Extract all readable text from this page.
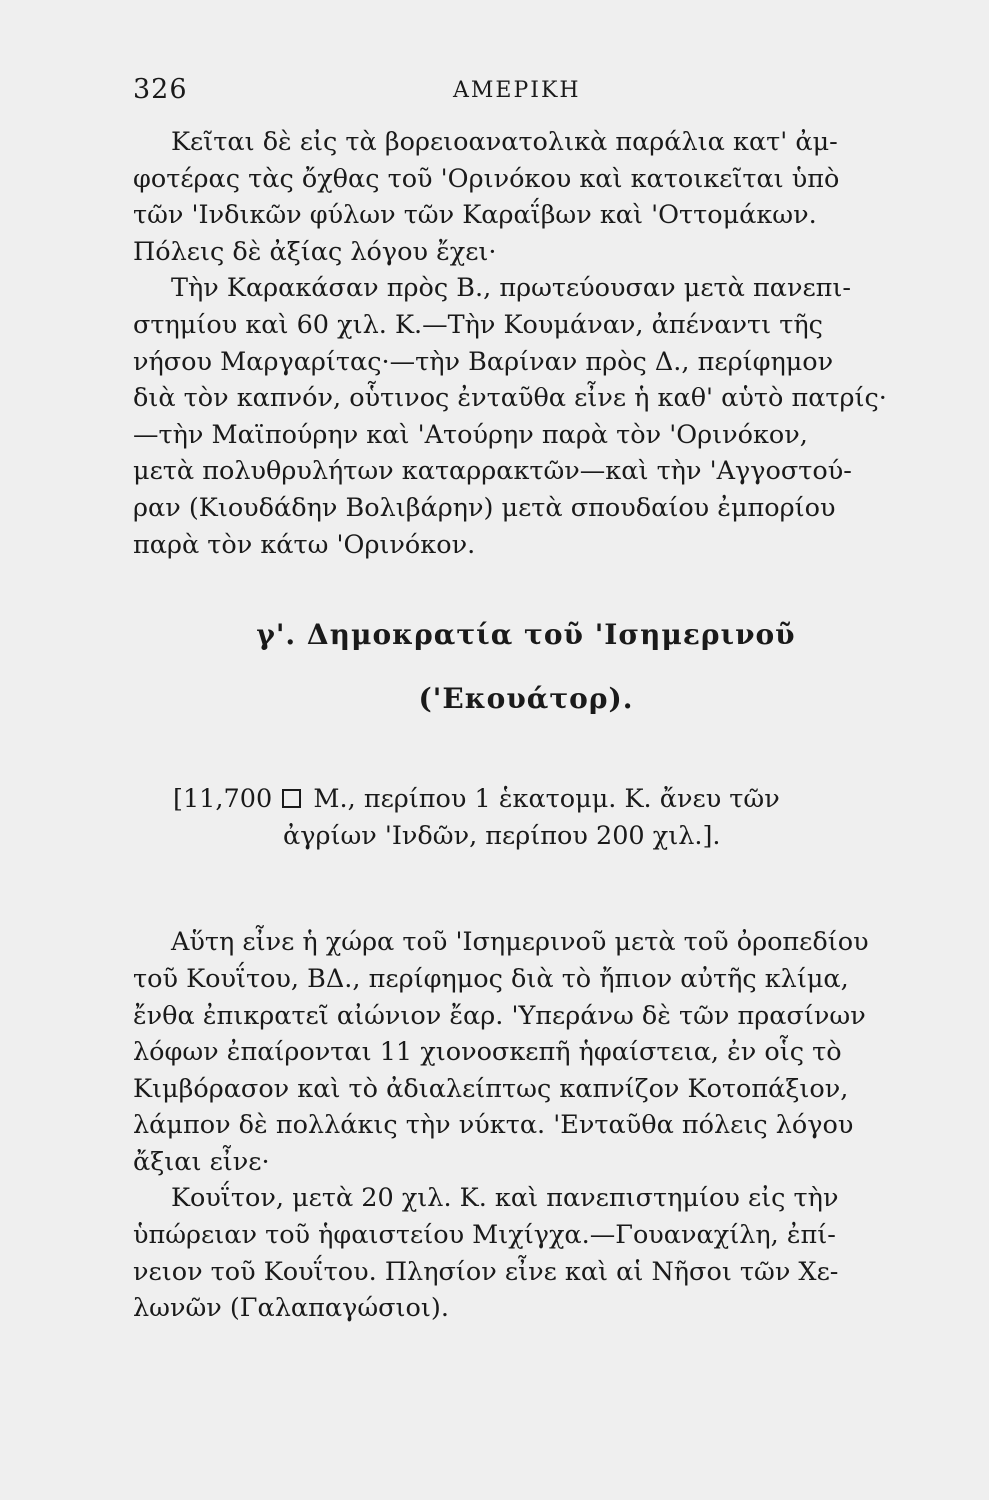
326	ΑΜΕΡΙΚΗ

Κεῖται δὲ εἰς τὰ βορειοανατολικὰ παράλια κατ' ἀμ-
φοτέρας τὰς ὄχθας τοῦ 'Ορινόκου καὶ κατοικεῖται ὑπὸ
τῶν 'Ινδικῶν φύλων τῶν Καραΐβων καὶ 'Οττομάκων.
Πόλεις δὲ ἀξίας λόγου ἔχει·

Τὴν Καρακάσαν πρὸς Β., πρωτεύουσαν μετὰ πανεπι-
στημίου καὶ 60 χιλ. Κ.—Τὴν Κουμάναν, ἀπέναντι τῆς
νήσου Μαργαρίτας·—τὴν Βαρίναν πρὸς Δ., περίφημον
διὰ τὸν καπνόν, οὗτινος ἐνταῦθα εἶνε ἡ καθ' αὑτὸ πατρίς·
—τὴν Μαϊπούρην καὶ 'Ατούρην παρὰ τὸν 'Ορινόκον,
μετὰ πολυθρυλήτων καταρρακτῶν—καὶ τὴν 'Αγγοστού-
ραν (Κιουδάδην Βολιβάρην) μετὰ σπουδαίου ἐμπορίου
παρὰ τὸν κάτω 'Ορινόκον.

γ'. Δημοκρατία τοῦ 'Ισημερινοῦ
('Εκουάτορ).

[11,700 Μ., περίπου 1 ἑκατομμ. Κ. ἄνευ τῶν
ἀγρίων 'Ινδῶν, περίπου 200 χιλ.].

Αὕτη εἶνε ἡ χώρα τοῦ 'Ισημερινοῦ μετὰ τοῦ ὀροπεδίου
τοῦ Κουΐτου, ΒΔ., περίφημος διὰ τὸ ἤπιον αὐτῆς κλίμα,
ἔνθα ἐπικρατεῖ αἰώνιον ἔαρ. 'Υπεράνω δὲ τῶν πρασίνων
λόφων ἐπαίρονται 11 χιονοσκεπῆ ἡφαίστεια, ἐν οἷς τὸ
Κιμβόρασον καὶ τὸ ἀδιαλείπτως καπνίζον Κοτοπάξιον,
λάμπον δὲ πολλάκις τὴν νύκτα. 'Ενταῦθα πόλεις λόγου
ἄξιαι εἶνε·

Κουΐτον, μετὰ 20 χιλ. Κ. καὶ πανεπιστημίου εἰς τὴν
ὑπώρειαν τοῦ ἡφαιστείου Μιχίγχα.—Γουαναχίλη, ἐπί-
νειον τοῦ Κουΐτου. Πλησίον εἶνε καὶ αἱ Νῆσοι τῶν Χε-
λωνῶν (Γαλαπαγώσιοι).
